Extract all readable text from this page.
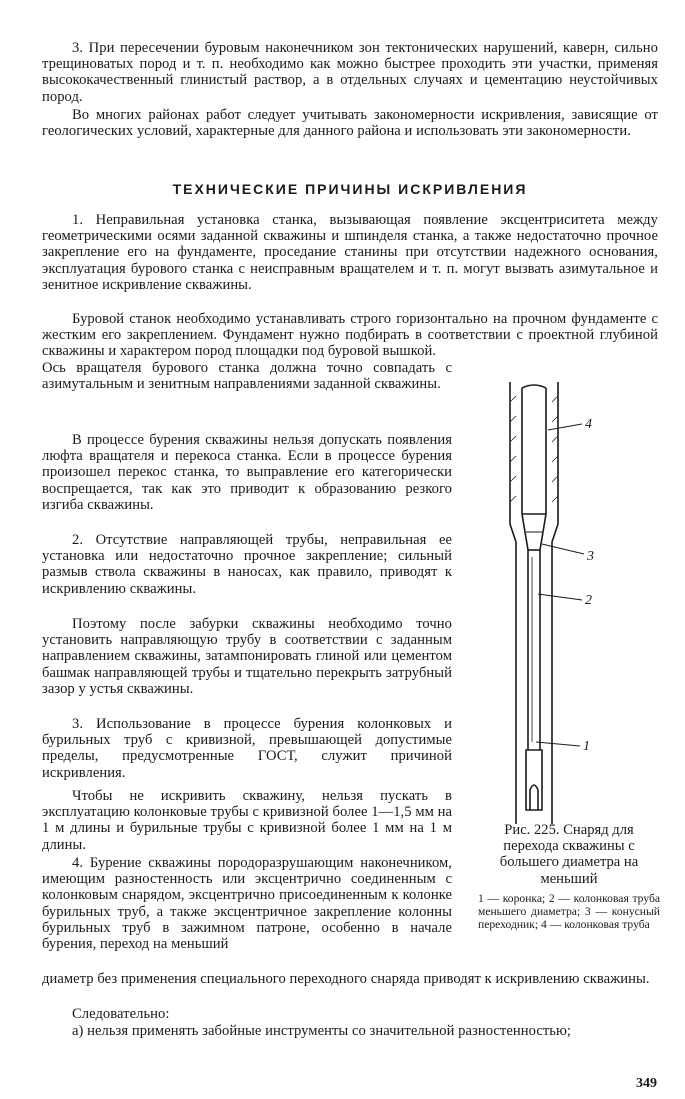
3. При пересечении буровым наконечником зон тектонических нарушений, каверн, сильно трещиноватых пород и т. п. необходимо как можно быстрее проходить эти участки, применяя высококачественный глинистый раствор, а в отдельных случаях и цементацию неустойчивых пород.

Во многих районах работ следует учитывать закономерности искривления, зависящие от геологических условий, характерные для данного района и использовать эти закономерности.

ТЕХНИЧЕСКИЕ ПРИЧИНЫ ИСКРИВЛЕНИЯ

1. Неправильная установка станка, вызывающая появление эксцентриситета между геометрическими осями заданной скважины и шпинделя станка, а также недостаточно прочное закрепление его на фундаменте, проседание станины при отсутствии надежного основания, эксплуатация бурового станка с неисправным вращателем и т. п. могут вызвать азимутальное и зенитное искривление скважины.

Буровой станок необходимо устанавливать строго горизонтально на прочном фундаменте с жестким его закреплением. Фундамент нужно подбирать в соответствии с проектной глубиной скважины и характером пород площадки под буровой вышкой.

Ось вращателя бурового станка должна точно совпадать с азимутальным и зенитным направлениями заданной скважины.

В процессе бурения скважины нельзя допускать появления люфта вращателя и перекоса станка. Если в процессе бурения произошел перекос станка, то выправление его категорически воспрещается, так как это приводит к образованию резкого изгиба скважины.

2. Отсутствие направляющей трубы, неправильная ее установка или недостаточно прочное закрепление; сильный размыв ствола скважины в наносах, как правило, приводят к искривлению скважины.

Поэтому после забурки скважины необходимо точно установить направляющую трубу в соответствии с заданным направлением скважины, затампонировать глиной или цементом башмак направляющей трубы и тщательно перекрыть затрубный зазор у устья скважины.

3. Использование в процессе бурения колонковых и бурильных труб с кривизной, превышающей допустимые пределы, предусмотренные ГОСТ, служит причиной искривления.

Чтобы не искривить скважину, нельзя пускать в эксплуатацию колонковые трубы с кривизной более 1—1,5 мм на 1 м длины и бурильные трубы с кривизной более 1 мм на 1 м длины.

4. Бурение скважины породоразрушающим наконечником, имеющим разностенность или эксцентрично соединенным с колонковым снарядом, эксцентрично присоединенным к колонке бурильных труб, а также эксцентричное закрепление колонны бурильных труб в зажимном патроне, особенно в начале бурения, переход на меньший

диаметр без применения специального переходного снаряда приводят к искривлению скважины.

Следовательно:

а) нельзя применять забойные инструменты со значительной разностенностью;

4
3
2
1

Рис. 225. Снаряд для перехода скважины с большего диаметра на меньший

1 — коронка; 2 — колонковая труба меньшего диаметра; 3 — конусный переходник; 4 — колонковая труба

349
